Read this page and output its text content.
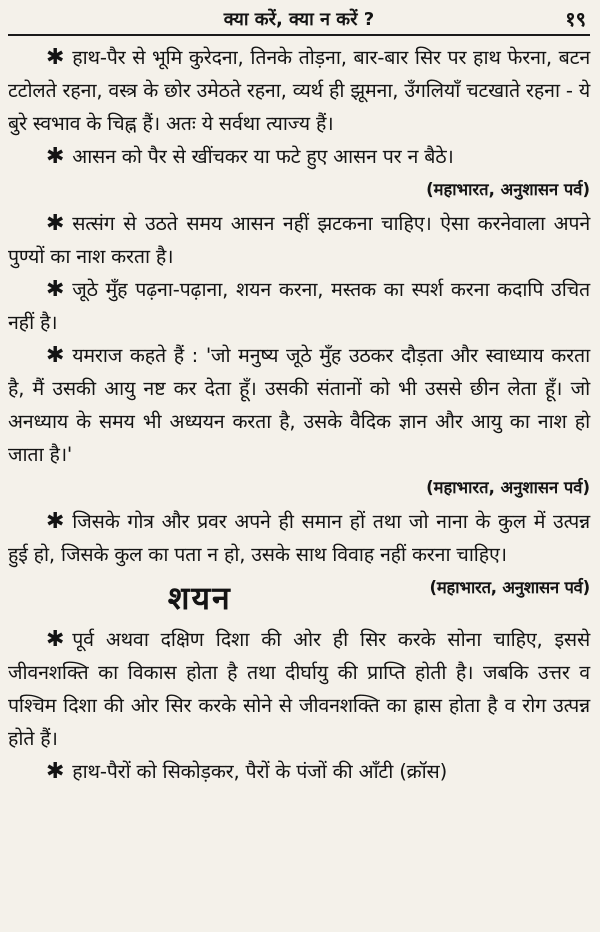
क्या करें, क्या न करें ?	१९

✱ हाथ-पैर से भूमि कुरेदना, तिनके तोड़ना, बार-बार सिर पर हाथ फेरना, बटन टटोलते रहना, वस्त्र के छोर उमेठते रहना, व्यर्थ ही झूमना, उँगलियाँ चटखाते रहना - ये बुरे स्वभाव के चिह्न हैं। अतः ये सर्वथा त्याज्य हैं।

✱ आसन को पैर से खींचकर या फटे हुए आसन पर न बैठे।

(महाभारत, अनुशासन पर्व)

✱ सत्संग से उठते समय आसन नहीं झटकना चाहिए। ऐसा करनेवाला अपने पुण्यों का नाश करता है।

✱ जूठे मुँह पढ़ना-पढ़ाना, शयन करना, मस्तक का स्पर्श करना कदापि उचित नहीं है।

✱ यमराज कहते हैं : 'जो मनुष्य जूठे मुँह उठकर दौड़ता और स्वाध्याय करता है, मैं उसकी आयु नष्ट कर देता हूँ। उसकी संतानों को भी उससे छीन लेता हूँ। जो अनध्याय के समय भी अध्ययन करता है, उसके वैदिक ज्ञान और आयु का नाश हो जाता है।'

(महाभारत, अनुशासन पर्व)

✱ जिसके गोत्र और प्रवर अपने ही समान हों तथा जो नाना के कुल में उत्पन्न हुई हो, जिसके कुल का पता न हो, उसके साथ विवाह नहीं करना चाहिए।
(महाभारत, अनुशासन पर्व)

शयन

✱ पूर्व अथवा दक्षिण दिशा की ओर ही सिर करके सोना चाहिए, इससे जीवनशक्ति का विकास होता है तथा दीर्घायु की प्राप्ति होती है। जबकि उत्तर व पश्चिम दिशा की ओर सिर करके सोने से जीवनशक्ति का ह्रास होता है व रोग उत्पन्न होते हैं।

✱ हाथ-पैरों को सिकोड़कर, पैरों के पंजों की आँटी (क्रॉस)
